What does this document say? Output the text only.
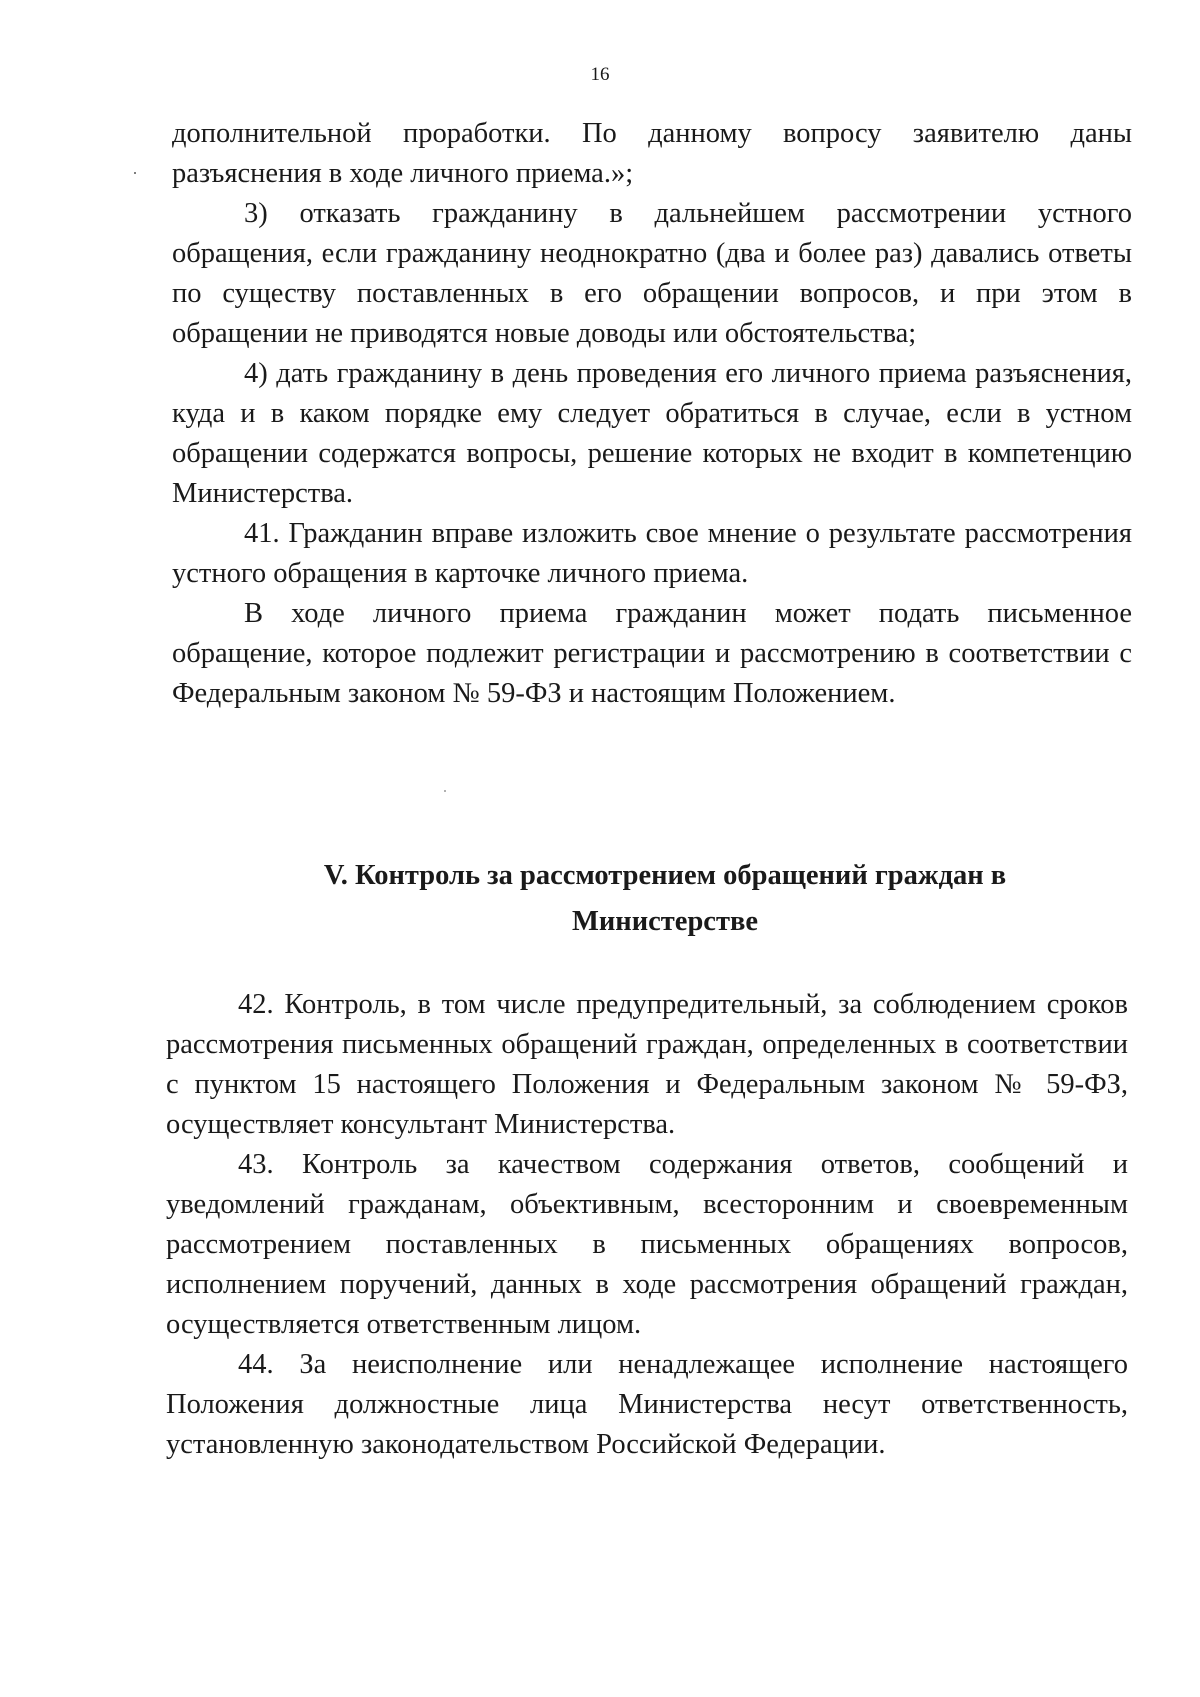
16

дополнительной проработки. По данному вопросу заявителю даны разъяснения в ходе личного приема.»;

3) отказать гражданину в дальнейшем рассмотрении устного обращения, если гражданину неоднократно (два и более раз) давались ответы по существу поставленных в его обращении вопросов, и при этом в обращении не приводятся новые доводы или обстоятельства;

4) дать гражданину в день проведения его личного приема разъяснения, куда и в каком порядке ему следует обратиться в случае, если в устном обращении содержатся вопросы, решение которых не входит в компетенцию Министерства.

41. Гражданин вправе изложить свое мнение о результате рассмотрения устного обращения в карточке личного приема.

В ходе личного приема гражданин может подать письменное обращение, которое подлежит регистрации и рассмотрению в соответствии с Федеральным законом № 59-ФЗ и настоящим Положением.

V. Контроль за рассмотрением обращений граждан в Министерстве

42. Контроль, в том числе предупредительный, за соблюдением сроков рассмотрения письменных обращений граждан, определенных в соответствии с пунктом 15 настоящего Положения и Федеральным законом № 59-ФЗ, осуществляет консультант Министерства.

43. Контроль за качеством содержания ответов, сообщений и уведомлений гражданам, объективным, всесторонним и своевременным рассмотрением поставленных в письменных обращениях вопросов, исполнением поручений, данных в ходе рассмотрения обращений граждан, осуществляется ответственным лицом.

44. За неисполнение или ненадлежащее исполнение настоящего Положения должностные лица Министерства несут ответственность, установленную законодательством Российской Федерации.
